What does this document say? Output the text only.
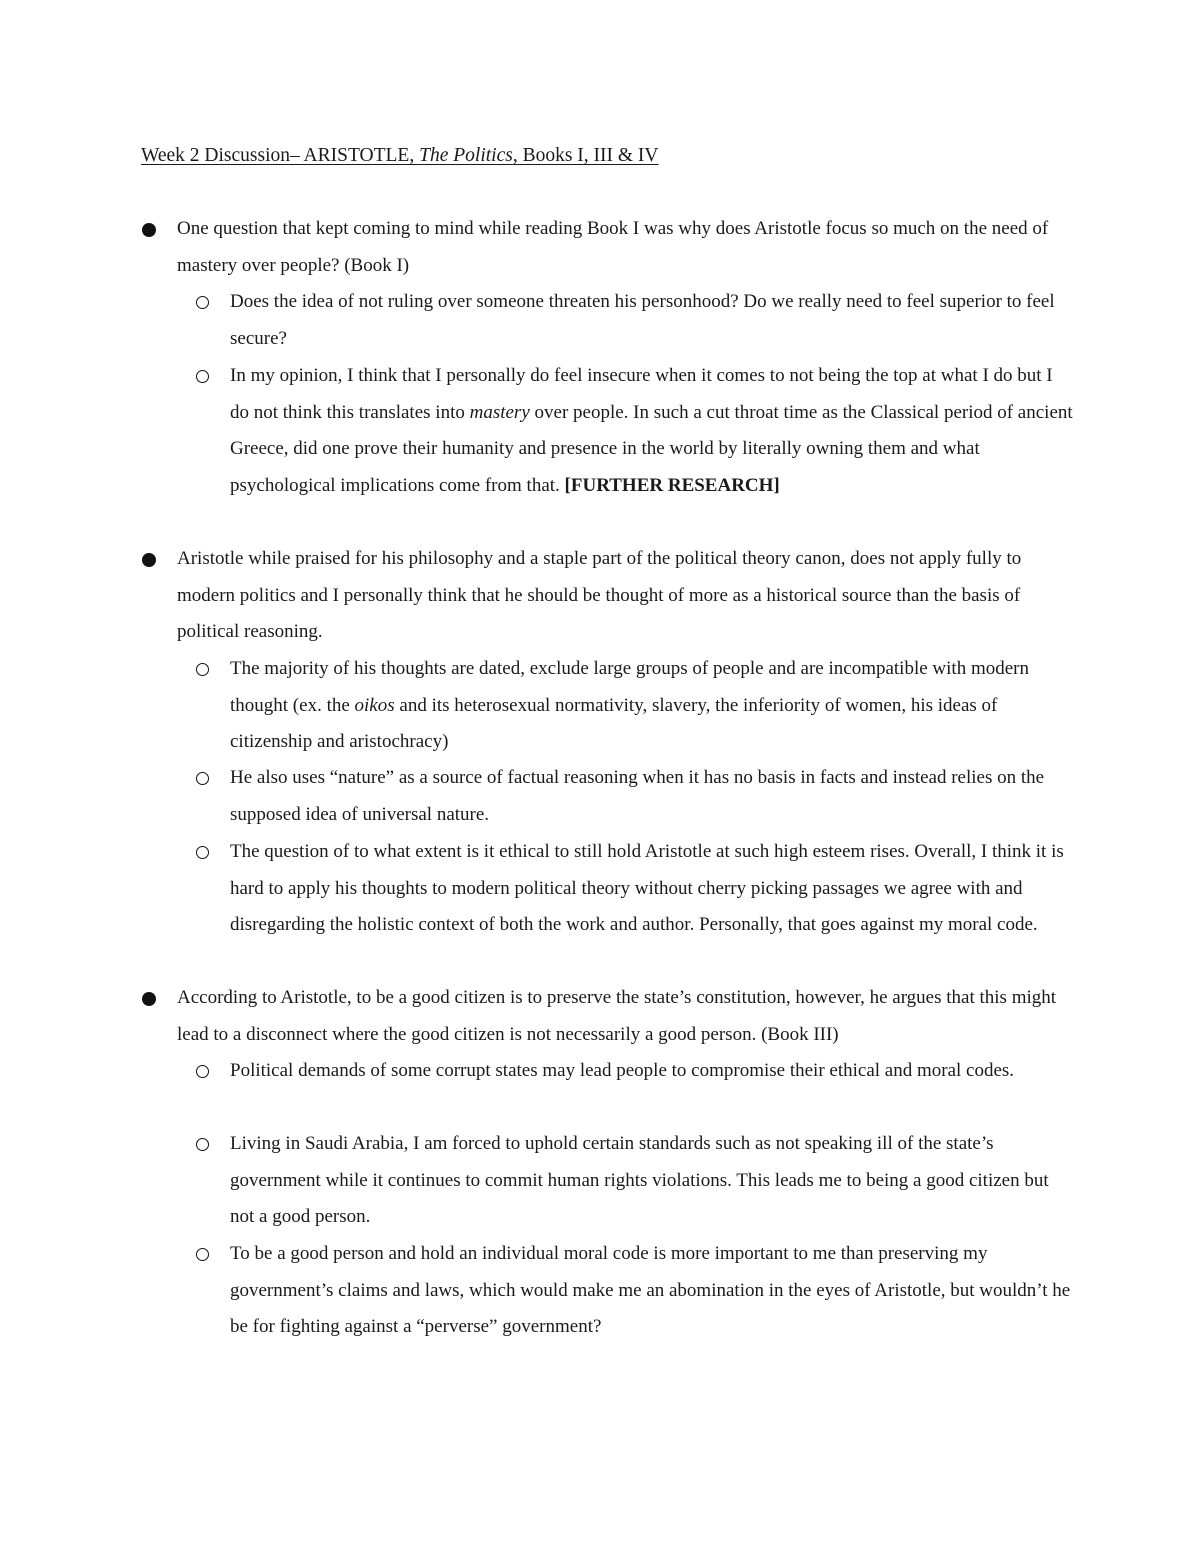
Week 2 Discussion– ARISTOTLE, The Politics, Books I, III & IV
One question that kept coming to mind while reading Book I was why does Aristotle focus so much on the need of mastery over people? (Book I)
Does the idea of not ruling over someone threaten his personhood? Do we really need to feel superior to feel secure?
In my opinion, I think that I personally do feel insecure when it comes to not being the top at what I do but I do not think this translates into mastery over people. In such a cut throat time as the Classical period of ancient Greece, did one prove their humanity and presence in the world by literally owning them and what psychological implications come from that. [FURTHER RESEARCH]
Aristotle while praised for his philosophy and a staple part of the political theory canon, does not apply fully to modern politics and I personally think that he should be thought of more as a historical source than the basis of political reasoning.
The majority of his thoughts are dated, exclude large groups of people and are incompatible with modern thought (ex. the oikos and its heterosexual normativity, slavery, the inferiority of women, his ideas of citizenship and aristochracy)
He also uses “nature” as a source of factual reasoning when it has no basis in facts and instead relies on the supposed idea of universal nature.
The question of to what extent is it ethical to still hold Aristotle at such high esteem rises. Overall, I think it is hard to apply his thoughts to modern political theory without cherry picking passages we agree with and disregarding the holistic context of both the work and author. Personally, that goes against my moral code.
According to Aristotle, to be a good citizen is to preserve the state’s constitution, however, he argues that this might lead to a disconnect where the good citizen is not necessarily a good person. (Book III)
Political demands of some corrupt states may lead people to compromise their ethical and moral codes.
Living in Saudi Arabia, I am forced to uphold certain standards such as not speaking ill of the state’s government while it continues to commit human rights violations. This leads me to being a good citizen but not a good person.
To be a good person and hold an individual moral code is more important to me than preserving my government’s claims and laws, which would make me an abomination in the eyes of Aristotle, but wouldn’t he be for fighting against a “perverse” government?
